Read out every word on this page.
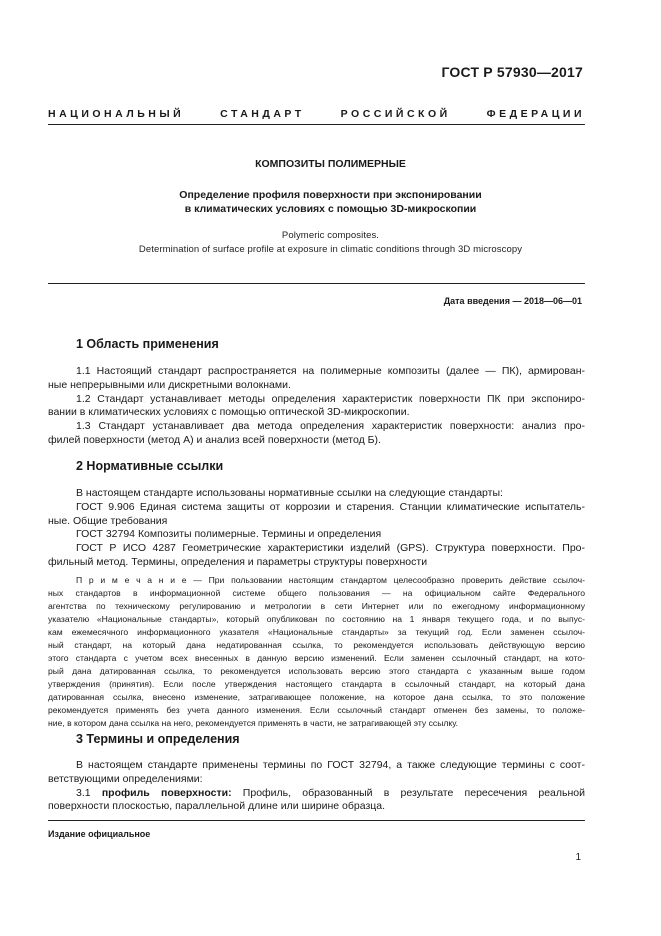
ГОСТ Р 57930—2017
НАЦИОНАЛЬНЫЙ СТАНДАРТ РОССИЙСКОЙ ФЕДЕРАЦИИ
КОМПОЗИТЫ ПОЛИМЕРНЫЕ
Определение профиля поверхности при экспонировании
в климатических условиях с помощью 3D-микроскопии
Polymeric composites.
Determination of surface profile at exposure in climatic conditions through 3D microscopy
Дата введения — 2018—06—01
1 Область применения
1.1 Настоящий стандарт распространяется на полимерные композиты (далее — ПК), армирован-
ные непрерывными или дискретными волокнами.
1.2 Стандарт устанавливает методы определения характеристик поверхности ПК при экспониро-
вании в климатических условиях с помощью оптической 3D-микроскопии.
1.3 Стандарт устанавливает два метода определения характеристик поверхности: анализ про-
филей поверхности (метод А) и анализ всей поверхности (метод Б).
2 Нормативные ссылки
В настоящем стандарте использованы нормативные ссылки на следующие стандарты:
ГОСТ 9.906 Единая система защиты от коррозии и старения. Станции климатические испытатель-
ные. Общие требования
ГОСТ 32794 Композиты полимерные. Термины и определения
ГОСТ Р ИСО 4287 Геометрические характеристики изделий (GPS). Структура поверхности. Про-
фильный метод. Термины, определения и параметры структуры поверхности
П р и м е ч а н и е — При пользовании настоящим стандартом целесообразно проверить действие ссылоч-
ных стандартов в информационной системе общего пользования — на официальном сайте Федерального
агентства по техническому регулированию и метрологии в сети Интернет или по ежегодному информационному
указателю «Национальные стандарты», который опубликован по состоянию на 1 января текущего года, и по выпус-
кам ежемесячного информационного указателя «Национальные стандарты» за текущий год. Если заменен ссылоч-
ный стандарт, на который дана недатированная ссылка, то рекомендуется использовать действующую версию
этого стандарта с учетом всех внесенных в данную версию изменений. Если заменен ссылочный стандарт, на кото-
рый дана датированная ссылка, то рекомендуется использовать версию этого стандарта с указанным выше годом
утверждения (принятия). Если после утверждения настоящего стандарта в ссылочный стандарт, на который дана
датированная ссылка, внесено изменение, затрагивающее положение, на которое дана ссылка, то это положение
рекомендуется применять без учета данного изменения. Если ссылочный стандарт отменен без замены, то положе-
ние, в котором дана ссылка на него, рекомендуется применять в части, не затрагивающей эту ссылку.
3 Термины и определения
В настоящем стандарте применены термины по ГОСТ 32794, а также следующие термины с соот-
ветствующими определениями:
3.1 профиль поверхности: Профиль, образованный в результате пересечения реальной
поверхности плоскостью, параллельной длине или ширине образца.
Издание официальное
1
